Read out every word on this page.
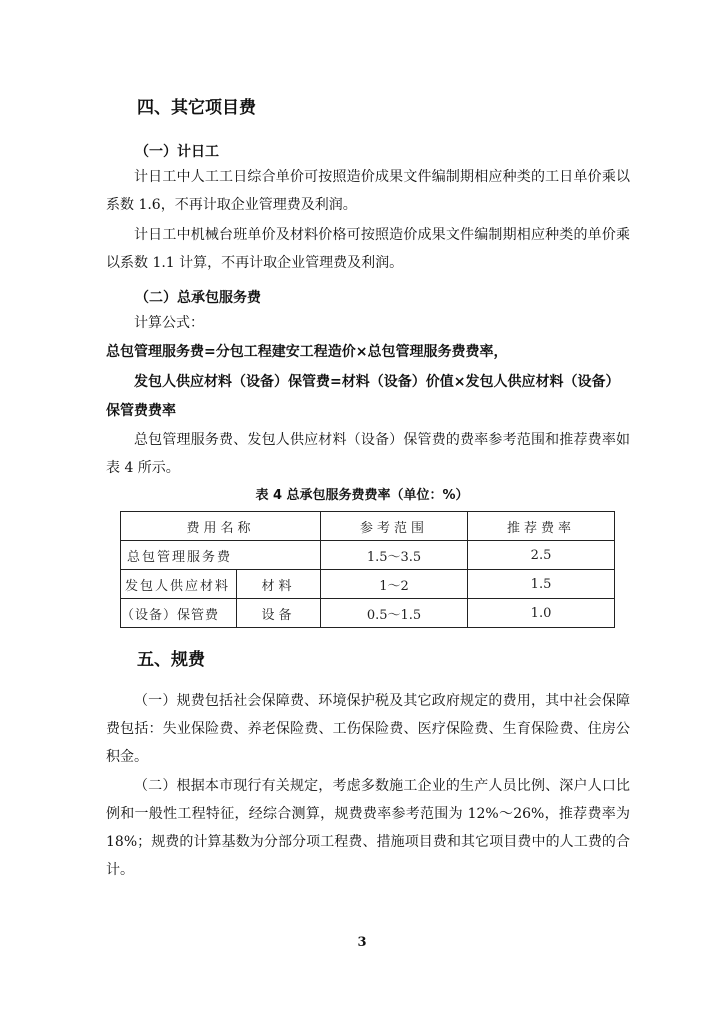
四、其它项目费
（一）计日工

计日工中人工工日综合单价可按照造价成果文件编制期相应种类的工日单价乘以系数 1.6，不再计取企业管理费及利润。

计日工中机械台班单价及材料价格可按照造价成果文件编制期相应种类的单价乘以系数 1.1 计算，不再计取企业管理费及利润。

（二）总承包服务费

计算公式：

总包管理服务费=分包工程建安工程造价×总包管理服务费费率，

发包人供应材料（设备）保管费=材料（设备）价值×发包人供应材料（设备）保管费费率

总包管理服务费、发包人供应材料（设备）保管费的费率参考范围和推荐费率如表 4 所示。

表 4 总承包服务费费率（单位：%）
费用名称		参考范围	推荐费率
总包管理服务费		1.5～3.5	2.5
发包人供应材料	材料	1～2	1.5
（设备）保管费	设备	0.5～1.5	1.0
五、规费

（一）规费包括社会保障费、环境保护税及其它政府规定的费用，其中社会保障费包括：失业保险费、养老保险费、工伤保险费、医疗保险费、生育保险费、住房公积金。

（二）根据本市现行有关规定，考虑多数施工企业的生产人员比例、深户人口比例和一般性工程特征，经综合测算，规费费率参考范围为 12%～26%，推荐费率为 18%；规费的计算基数为分部分项工程费、措施项目费和其它项目费中的人工费的合计。

3
